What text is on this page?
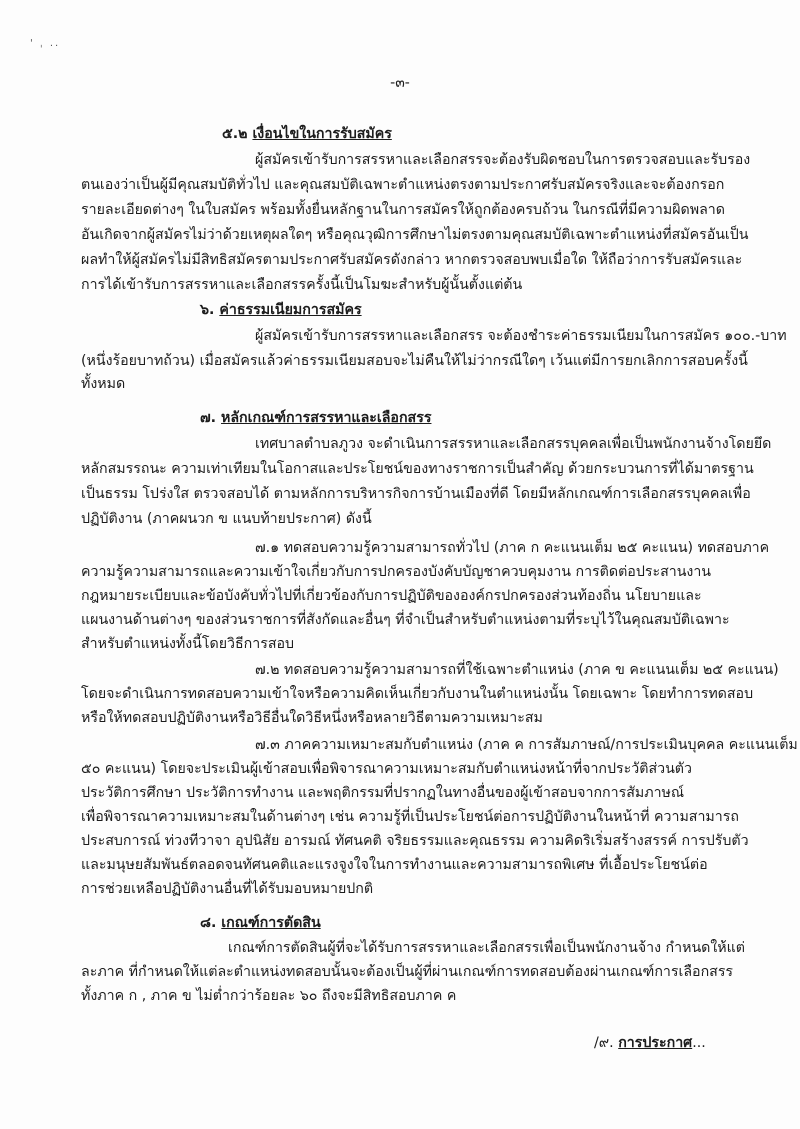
' ˌ ..
-๓-
๕.๒ เงื่อนไขในการรับสมัคร
ผู้สมัครเข้ารับการสรรหาและเลือกสรรจะต้องรับผิดชอบในการตรวจสอบและรับรอง
ตนเองว่าเป็นผู้มีคุณสมบัติทั่วไป และคุณสมบัติเฉพาะตำแหน่งตรงตามประกาศรับสมัครจริงและจะต้องกรอก
รายละเอียดต่างๆ ในใบสมัคร พร้อมทั้งยื่นหลักฐานในการสมัครให้ถูกต้องครบถ้วน ในกรณีที่มีความผิดพลาด
อันเกิดจากผู้สมัครไม่ว่าด้วยเหตุผลใดๆ หรือคุณวุฒิการศึกษาไม่ตรงตามคุณสมบัติเฉพาะตำแหน่งที่สมัครอันเป็น
ผลทำให้ผู้สมัครไม่มีสิทธิสมัครตามประกาศรับสมัครดังกล่าว หากตรวจสอบพบเมื่อใด ให้ถือว่าการรับสมัครและ
การได้เข้ารับการสรรหาและเลือกสรรครั้งนี้เป็นโมฆะสำหรับผู้นั้นตั้งแต่ต้น
๖. ค่าธรรมเนียมการสมัคร
ผู้สมัครเข้ารับการสรรหาและเลือกสรร จะต้องชำระค่าธรรมเนียมในการสมัคร ๑๐๐.-บาท
(หนึ่งร้อยบาทถ้วน) เมื่อสมัครแล้วค่าธรรมเนียมสอบจะไม่คืนให้ไม่ว่ากรณีใดๆ เว้นแต่มีการยกเลิกการสอบครั้งนี้
ทั้งหมด
๗. หลักเกณฑ์การสรรหาและเลือกสรร
เทศบาลตำบลภูวง จะดำเนินการสรรหาและเลือกสรรบุคคลเพื่อเป็นพนักงานจ้างโดยยึด
หลักสมรรถนะ ความเท่าเทียมในโอกาสและประโยชน์ของทางราชการเป็นสำคัญ ด้วยกระบวนการที่ได้มาตรฐาน
เป็นธรรม โปร่งใส ตรวจสอบได้ ตามหลักการบริหารกิจการบ้านเมืองที่ดี โดยมีหลักเกณฑ์การเลือกสรรบุคคลเพื่อ
ปฏิบัติงาน (ภาคผนวก ข แนบท้ายประกาศ) ดังนี้
๗.๑ ทดสอบความรู้ความสามารถทั่วไป (ภาค ก คะแนนเต็ม ๒๕ คะแนน) ทดสอบภาค
ความรู้ความสามารถและความเข้าใจเกี่ยวกับการปกครองบังคับบัญชาควบคุมงาน การติดต่อประสานงาน
กฎหมายระเบียบและข้อบังคับทั่วไปที่เกี่ยวข้องกับการปฏิบัติขององค์กรปกครองส่วนท้องถิ่น นโยบายและ
แผนงานด้านต่างๆ ของส่วนราชการที่สังกัดและอื่นๆ ที่จำเป็นสำหรับตำแหน่งตามที่ระบุไว้ในคุณสมบัติเฉพาะ
สำหรับตำแหน่งทั้งนี้โดยวิธีการสอบ
๗.๒ ทดสอบความรู้ความสามารถที่ใช้เฉพาะตำแหน่ง (ภาค ข คะแนนเต็ม ๒๕ คะแนน)
โดยจะดำเนินการทดสอบความเข้าใจหรือความคิดเห็นเกี่ยวกับงานในตำแหน่งนั้น โดยเฉพาะ โดยทำการทดสอบ
หรือให้ทดสอบปฏิบัติงานหรือวิธีอื่นใดวิธีหนึ่งหรือหลายวิธีตามความเหมาะสม
๗.๓ ภาคความเหมาะสมกับตำแหน่ง (ภาค ค การสัมภาษณ์/การประเมินบุคคล คะแนนเต็ม
๕๐ คะแนน) โดยจะประเมินผู้เข้าสอบเพื่อพิจารณาความเหมาะสมกับตำแหน่งหน้าที่จากประวัติส่วนตัว
ประวัติการศึกษา ประวัติการทำงาน และพฤติกรรมที่ปรากฏในทางอื่นของผู้เข้าสอบจากการสัมภาษณ์
เพื่อพิจารณาความเหมาะสมในด้านต่างๆ เช่น ความรู้ที่เป็นประโยชน์ต่อการปฏิบัติงานในหน้าที่ ความสามารถ
ประสบการณ์ ท่วงทีวาจา อุปนิสัย อารมณ์ ทัศนคติ จริยธรรมและคุณธรรม ความคิดริเริ่มสร้างสรรค์ การปรับตัว
และมนุษยสัมพันธ์ตลอดจนทัศนคติและแรงจูงใจในการทำงานและความสามารถพิเศษ ที่เอื้อประโยชน์ต่อ
การช่วยเหลือปฏิบัติงานอื่นที่ได้รับมอบหมายปกติ
๘. เกณฑ์การตัดสิน
เกณฑ์การตัดสินผู้ที่จะได้รับการสรรหาและเลือกสรรเพื่อเป็นพนักงานจ้าง กำหนดให้แต่
ละภาค ที่กำหนดให้แต่ละตำแหน่งทดสอบนั้นจะต้องเป็นผู้ที่ผ่านเกณฑ์การทดสอบต้องผ่านเกณฑ์การเลือกสรร
ทั้งภาค ก , ภาค ข ไม่ต่ำกว่าร้อยละ ๖๐ ถึงจะมีสิทธิสอบภาค ค
/๙. การประกาศ...
